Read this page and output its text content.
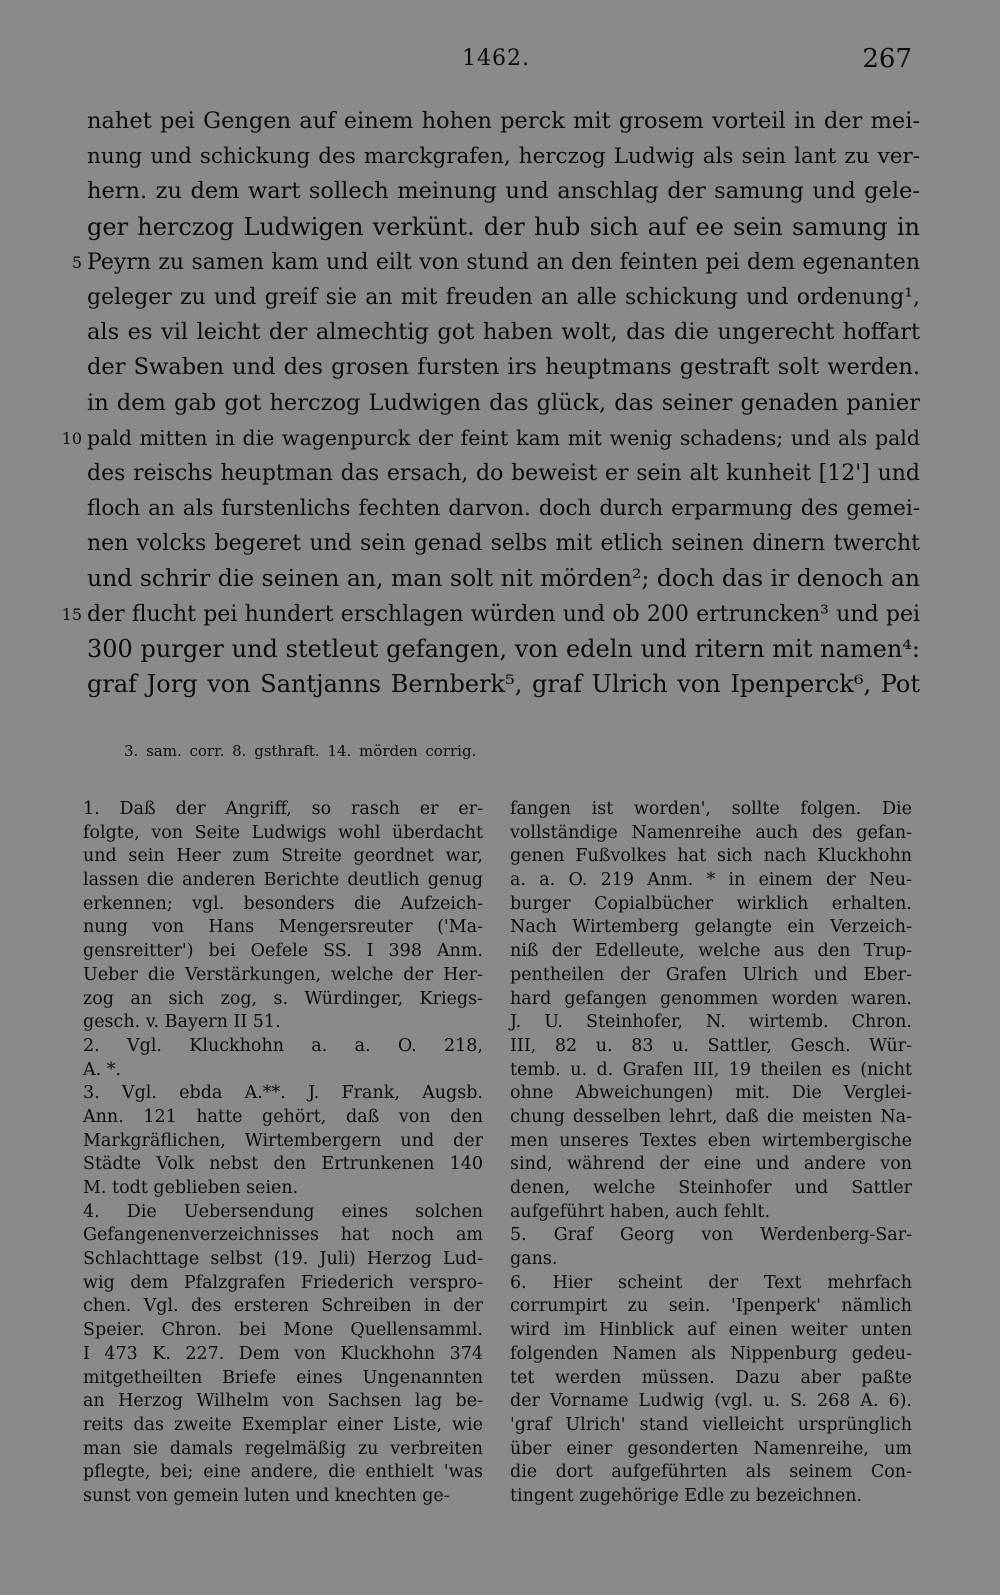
1462.	267
nahet pei Gengen auf einem hohen perck mit grosem vorteil in der mei-
nung und schickung des marckgrafen, herczog Ludwig als sein lant zu ver-
hern. zu dem wart sollech meinung und anschlag der samung und gele-
ger herczog Ludwigen verkünt. der hub sich auf ee sein samung in
5 Peyrn zu samen kam und eilt von stund an den feinten pei dem egenanten
geleger zu und greif sie an mit freuden an alle schickung und ordenung¹,
als es vil leicht der almechtig got haben wolt, das die ungerecht hoffart
der Swaben und des grosen fursten irs heuptmans gestraft solt werden.
in dem gab got herczog Ludwigen das glück, das seiner genaden panier
10 pald mitten in die wagenpurck der feint kam mit wenig schadens; und als pald
des reischs heuptman das ersach, do beweist er sein alt kunheit [12'] und
floch an als furstenlichs fechten darvon. doch durch erparmung des gemei-
nen volcks begeret und sein genad selbs mit etlich seinen dinern twercht
und schrir die seinen an, man solt nit mörden²; doch das ir denoch an
15 der flucht pei hundert erschlagen würden und ob 200 ertruncken³ und pei
300 purger und stetleut gefangen, von edeln und ritern mit namen⁴:
graf Jorg von Santjanns Bernberk⁵, graf Ulrich von Ipenperck⁶, Pot
3. sam. corr. 8. gsthraft. 14. mörden corrig.
1. Daß der Angriff, so rasch er er-
folgte, von Seite Ludwigs wohl überdacht
und sein Heer zum Streite geordnet war,
lassen die anderen Berichte deutlich genug
erkennen; vgl. besonders die Aufzeich-
nung von Hans Mengersreuter ('Ma-
gensreitter') bei Oefele SS. I 398 Anm.
Ueber die Verstärkungen, welche der Her-
zog an sich zog, s. Würdinger, Kriegs-
gesch. v. Bayern II 51.
2. Vgl. Kluckhohn a. a. O. 218,
A. *.
3. Vgl. ebda A.**. J. Frank, Augsb.
Ann. 121 hatte gehört, daß von den
Markgräflichen, Wirtembergern und der
Städte Volk nebst den Ertrunkenen 140
M. todt geblieben seien.
4. Die Uebersendung eines solchen
Gefangenenverzeichnisses hat noch am
Schlachttage selbst (19. Juli) Herzog Lud-
wig dem Pfalzgrafen Friederich verspro-
chen. Vgl. des ersteren Schreiben in der
Speier. Chron. bei Mone Quellensamml.
I 473 K. 227. Dem von Kluckhohn 374
mitgetheilten Briefe eines Ungenannten
an Herzog Wilhelm von Sachsen lag be-
reits das zweite Exemplar einer Liste, wie
man sie damals regelmäßig zu verbreiten
pflegte, bei; eine andere, die enthielt 'was
sunst von gemein luten und knechten ge-
fangen ist worden', sollte folgen. Die
vollständige Namenreihe auch des gefan-
genen Fußvolkes hat sich nach Kluckhohn
a. a. O. 219 Anm. * in einem der Neu-
burger Copialbücher wirklich erhalten.
Nach Wirtemberg gelangte ein Verzeich-
niß der Edelleute, welche aus den Trup-
pentheilen der Grafen Ulrich und Eber-
hard gefangen genommen worden waren.
J. U. Steinhofer, N. wirtemb. Chron.
III, 82 u. 83 u. Sattler, Gesch. Wür-
temb. u. d. Grafen III, 19 theilen es (nicht
ohne Abweichungen) mit. Die Verglei-
chung desselben lehrt, daß die meisten Na-
men unseres Textes eben wirtembergische
sind, während der eine und andere von
denen, welche Steinhofer und Sattler
aufgeführt haben, auch fehlt.
5. Graf Georg von Werdenberg-Sar-
gans.
6. Hier scheint der Text mehrfach
corrumpirt zu sein. 'Ipenperk' nämlich
wird im Hinblick auf einen weiter unten
folgenden Namen als Nippenburg gedeu-
tet werden müssen. Dazu aber paßte
der Vorname Ludwig (vgl. u. S. 268 A. 6).
'graf Ulrich' stand vielleicht ursprünglich
über einer gesonderten Namenreihe, um
die dort aufgeführten als seinem Con-
tingent zugehörige Edle zu bezeichnen.
